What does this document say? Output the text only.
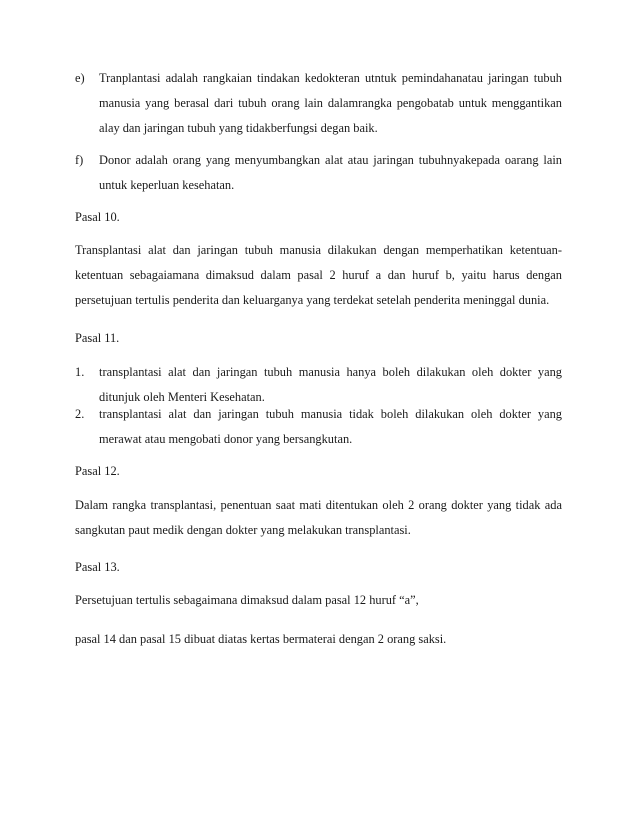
e) Tranplantasi adalah rangkaian tindakan kedokteran utntuk pemindahanatau jaringan tubuh manusia yang berasal dari tubuh orang lain dalamrangka pengobatab untuk menggantikan alay dan jaringan tubuh yang tidakberfungsi degan baik.
f) Donor adalah orang yang menyumbangkan alat atau jaringan tubuhnyakepada oarang lain untuk keperluan kesehatan.
Pasal 10.
Transplantasi alat dan jaringan tubuh manusia dilakukan dengan memperhatikan ketentuan-ketentuan sebagaiamana dimaksud dalam pasal 2 huruf a dan huruf b, yaitu harus dengan persetujuan tertulis penderita dan keluarganya yang terdekat setelah penderita meninggal dunia.
Pasal 11.
1. transplantasi alat dan jaringan tubuh manusia hanya boleh dilakukan oleh dokter yang ditunjuk oleh Menteri Kesehatan.
2. transplantasi alat dan jaringan tubuh manusia tidak boleh dilakukan oleh dokter yang merawat atau mengobati donor yang bersangkutan.
Pasal 12.
Dalam rangka transplantasi, penentuan saat mati ditentukan oleh 2 orang dokter yang tidak ada sangkutan paut medik dengan dokter yang melakukan transplantasi.
Pasal 13.
Persetujuan tertulis sebagaimana dimaksud dalam pasal 12 huruf “a”,
pasal 14 dan pasal 15 dibuat diatas kertas bermaterai dengan 2 orang saksi.
